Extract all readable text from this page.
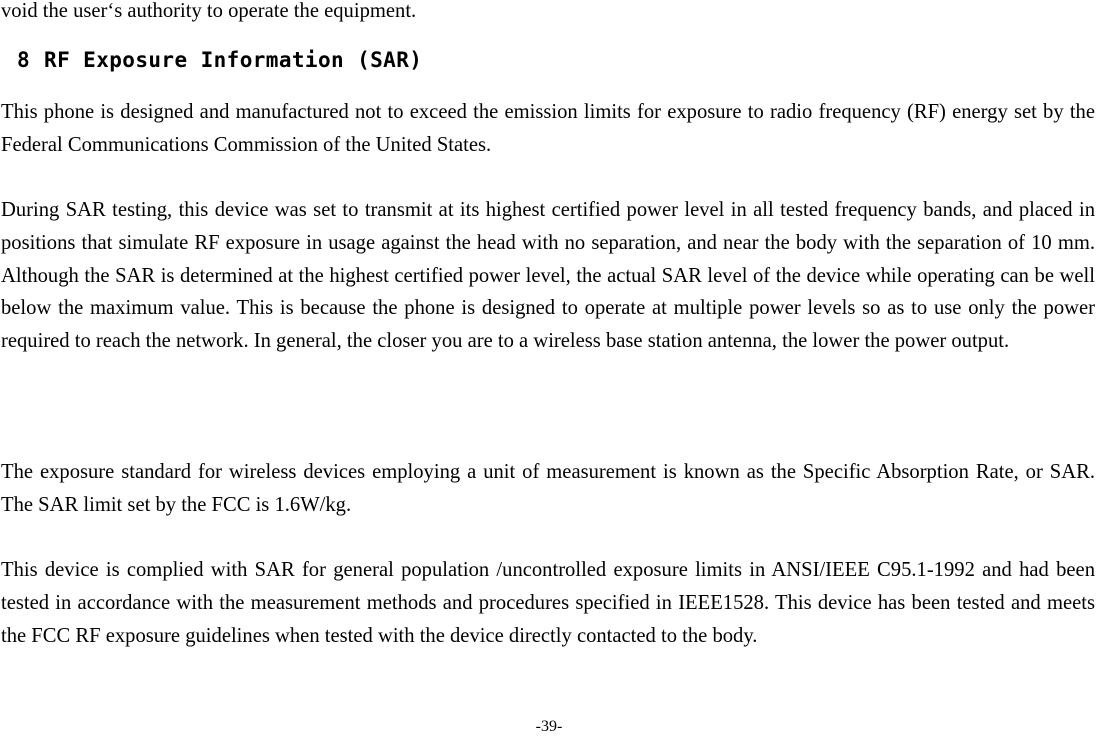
void the user‘s authority to operate the equipment.

8 RF Exposure Information (SAR)

This phone is designed and manufactured not to exceed the emission limits for exposure to radio frequency (RF) energy set by the Federal Communications Commission of the United States.

During SAR testing, this device was set to transmit at its highest certified power level in all tested frequency bands, and placed in positions that simulate RF exposure in usage against the head with no separation, and near the body with the separation of 10 mm. Although the SAR is determined at the highest certified power level, the actual SAR level of the device while operating can be well below the maximum value. This is because the phone is designed to operate at multiple power levels so as to use only the power required to reach the network. In general, the closer you are to a wireless base station antenna, the lower the power output.

The exposure standard for wireless devices employing a unit of measurement is known as the Specific Absorption Rate, or SAR. The SAR limit set by the FCC is 1.6W/kg.

This device is complied with SAR for general population /uncontrolled exposure limits in ANSI/IEEE C95.1-1992 and had been tested in accordance with the measurement methods and procedures specified in IEEE1528. This device has been tested and meets the FCC RF exposure guidelines when tested with the device directly contacted to the body.

-39-
